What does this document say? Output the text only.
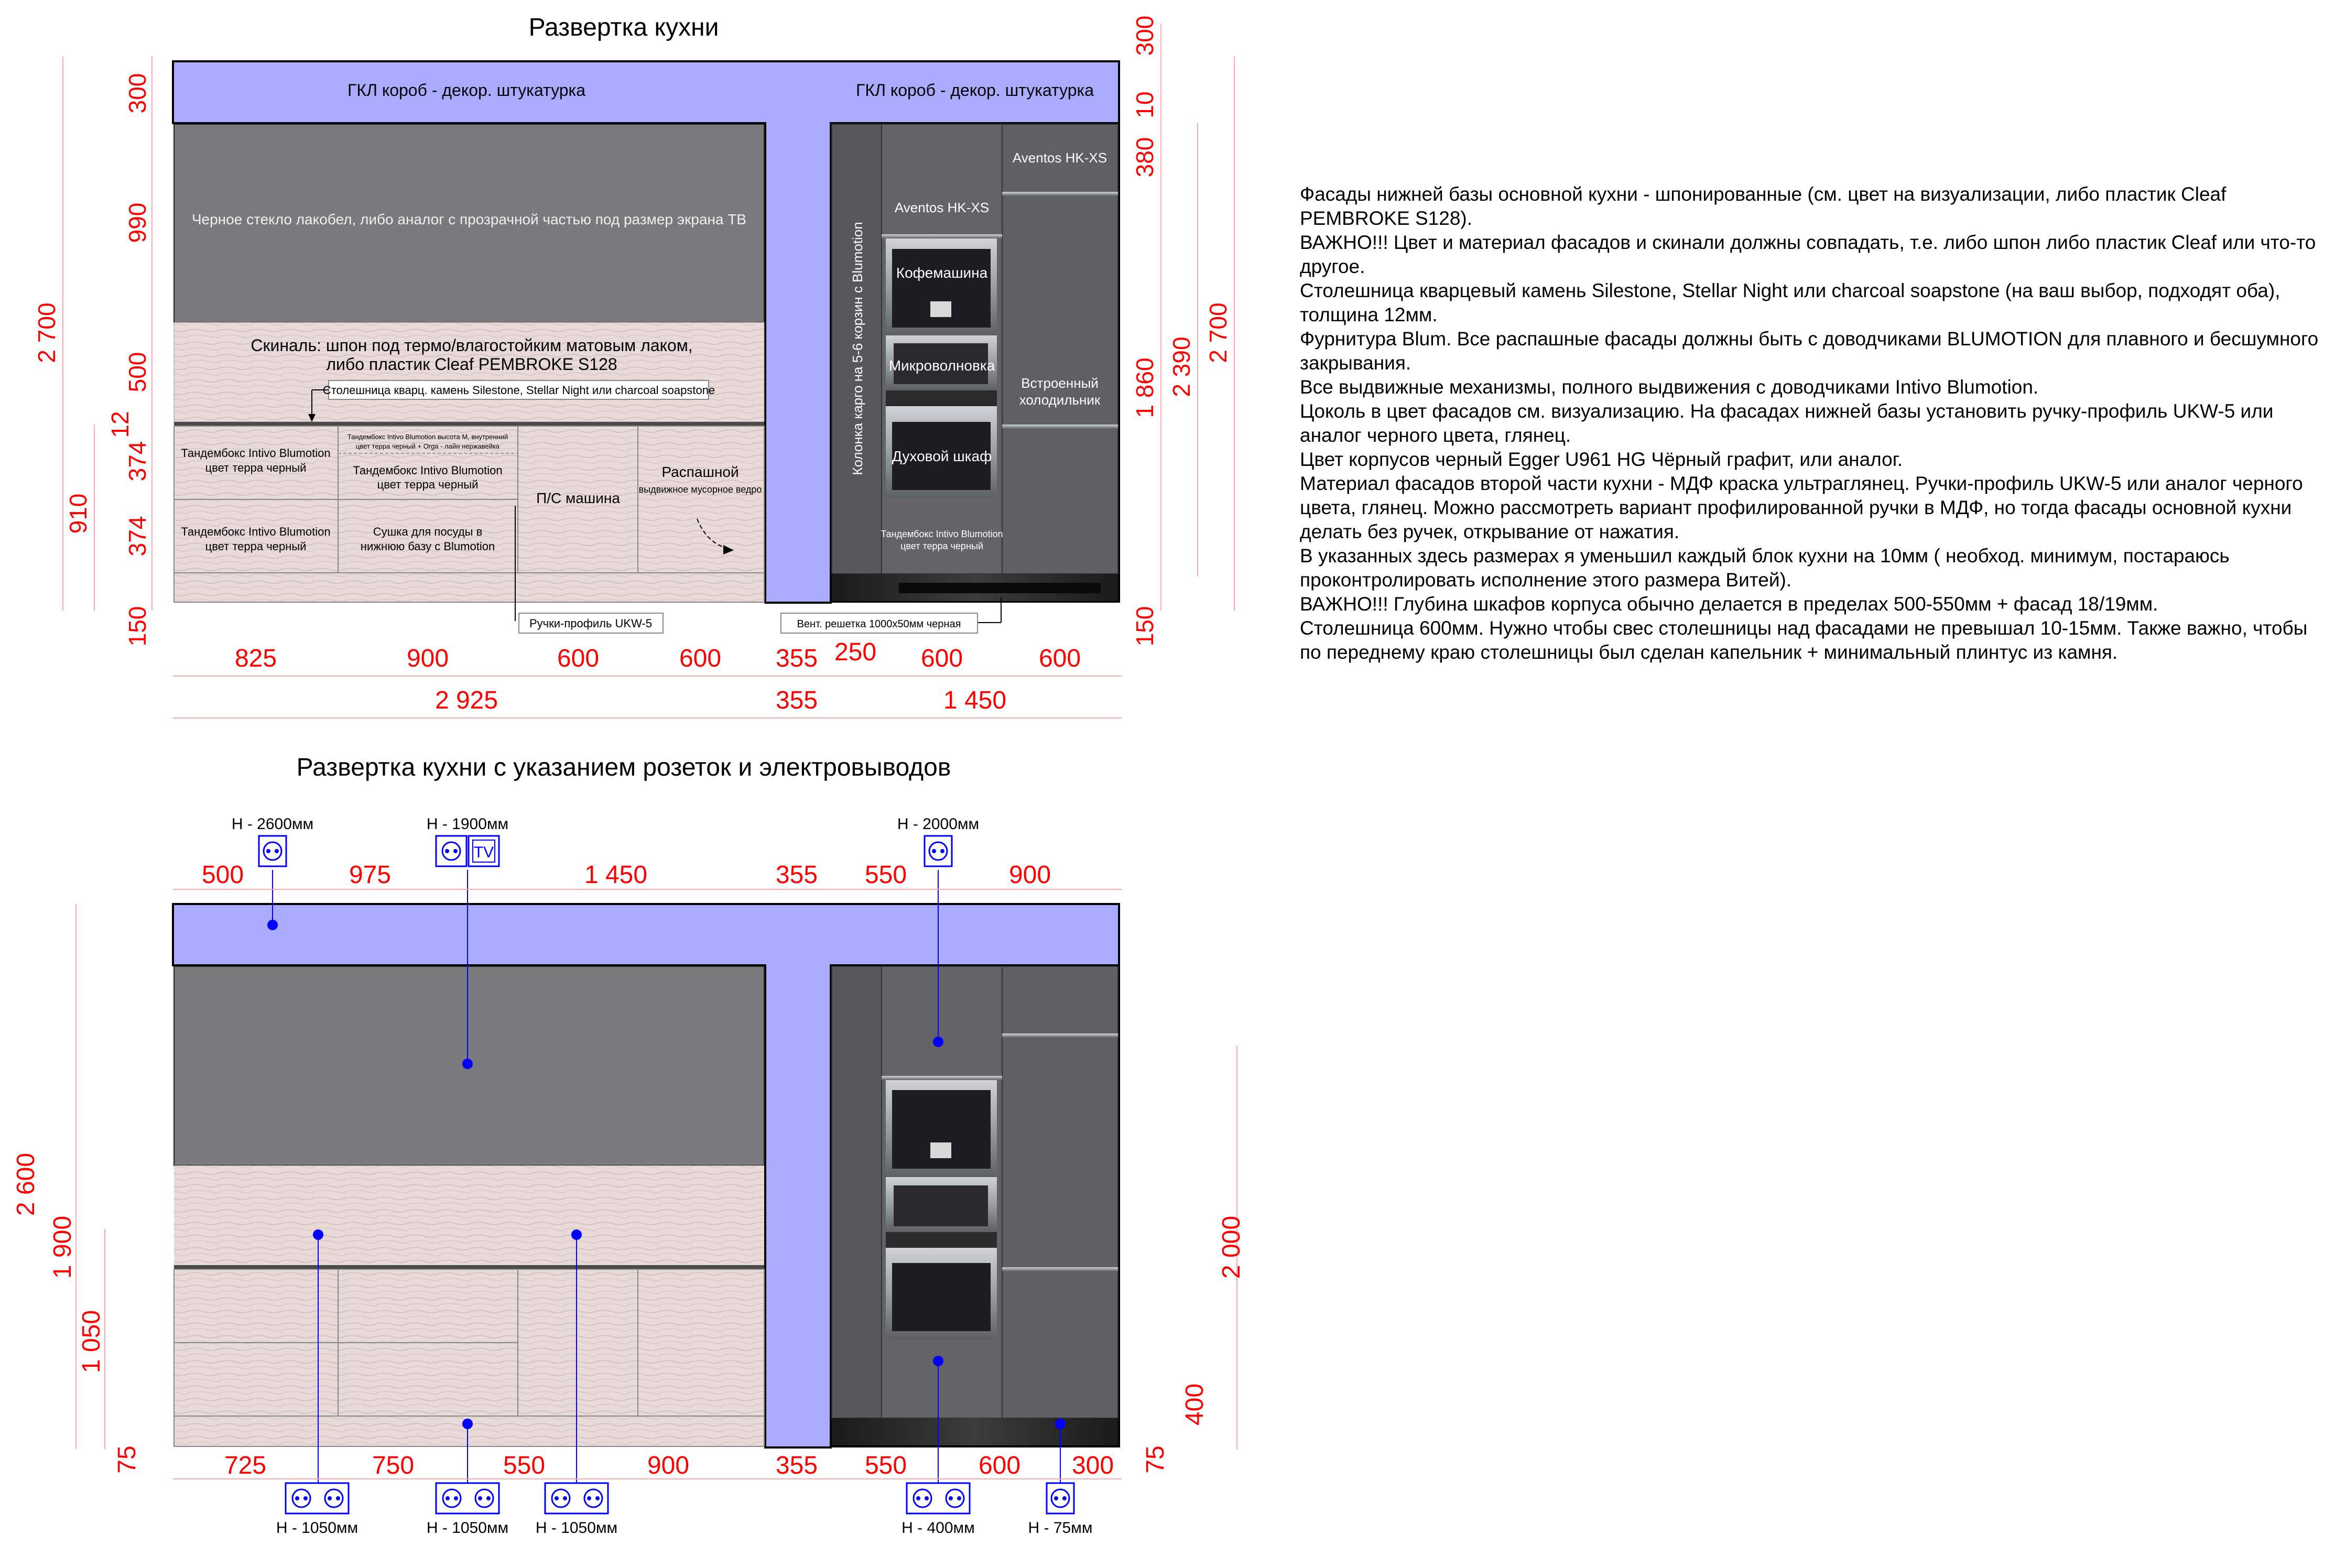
Развертка кухни
ГКЛ короб - декор. штукатурка	ГКЛ короб - декор. штукатурка
Черное стекло лакобел, либо аналог с прозрачной частью под размер экрана ТВ
Скиналь: шпон под термо/влагостойким матовым лаком,
либо пластик Cleaf PEMBROKE S128
Столешница кварц. камень Silestone, Stellar Night или charcoal soapstone
Тандембокс Intivo Blumotion
цвет терра черный
Тандембокс Intivo Blumotion
цвет терра черный
Тандембокс Intivo Blumotion высота M, внутренний
цвет терра черный + Orga - лайн нержавейка
Тандембокс Intivo Blumotion
цвет терра черный
Сушка для посуды в
нижнюю базу с Blumotion
П/С машина
Распашной
выдвижное мусорное ведро
Колонка карго на 5-6 корзин с Blumotion
Aventos HK-XS
Aventos HK-XS
Встроенный
холодильник
Кофемашина
Микроволновка
Духовой шкаф
Тандембокс Intivo Blumotion
цвет терра черный
Ручки-профиль UKW-5	Вент. решетка 1000x50мм черная
300
990
500
12
374
374
150
2 700
910
300
10
380
1 860
150
2 390
2 700
825	900	600	600 355 250 600	600
2 925	355	1 450
Развертка кухни с указанием розеток и электровыводов
TV
Н - 2600мм	Н - 1900мм	Н - 2000мм
Н - 1050мм	Н - 1050мм Н - 1050мм	Н - 400мм	Н - 75мм
500	975	1 450	355 550	900
725	750	550	900	355 550	600 300
2 600
1 900
1 050
75
2 000
400
75
Фасады нижней базы основной кухни - шпонированные (см. цвет на визуализации, либо пластик Cleaf PEMBROKE S128).
ВАЖНО!!! Цвет и материал фасадов и скинали должны совпадать, т.е. либо шпон либо пластик Cleaf или что-то другое.
Столешница кварцевый камень Silestone, Stellar Night или charcoal soapstone (на ваш выбор, подходят оба), толщина 12мм.
Фурнитура Blum. Все распашные фасады должны быть с доводчиками BLUMOTION для плавного и бесшумного закрывания.
Все выдвижные механизмы, полного выдвижения с доводчиками Intivo Blumotion.
Цоколь в цвет фасадов см. визуализацию. На фасадах нижней базы установить ручку-профиль UKW-5 или аналог черного цвета, глянец.
Цвет корпусов черный Egger U961 HG Чёрный графит, или аналог.
Материал фасадов второй части кухни - МДФ краска ультраглянец. Ручки-профиль UKW-5 или аналог черного цвета, глянец. Можно рассмотреть вариант профилированной ручки в МДФ, но тогда фасады основной кухни делать без ручек, открывание от нажатия.
В указанных здесь размерах я уменьшил каждый блок кухни на 10мм ( необход. минимум, постараюсь проконтролировать исполнение этого размера Витей).
ВАЖНО!!! Глубина шкафов корпуса обычно делается в пределах 500-550мм + фасад 18/19мм.
Столешница 600мм. Нужно чтобы свес столешницы над фасадами не превышал 10-15мм. Также важно, чтобы по переднему краю столешницы был сделан капельник + минимальный плинтус из камня.
